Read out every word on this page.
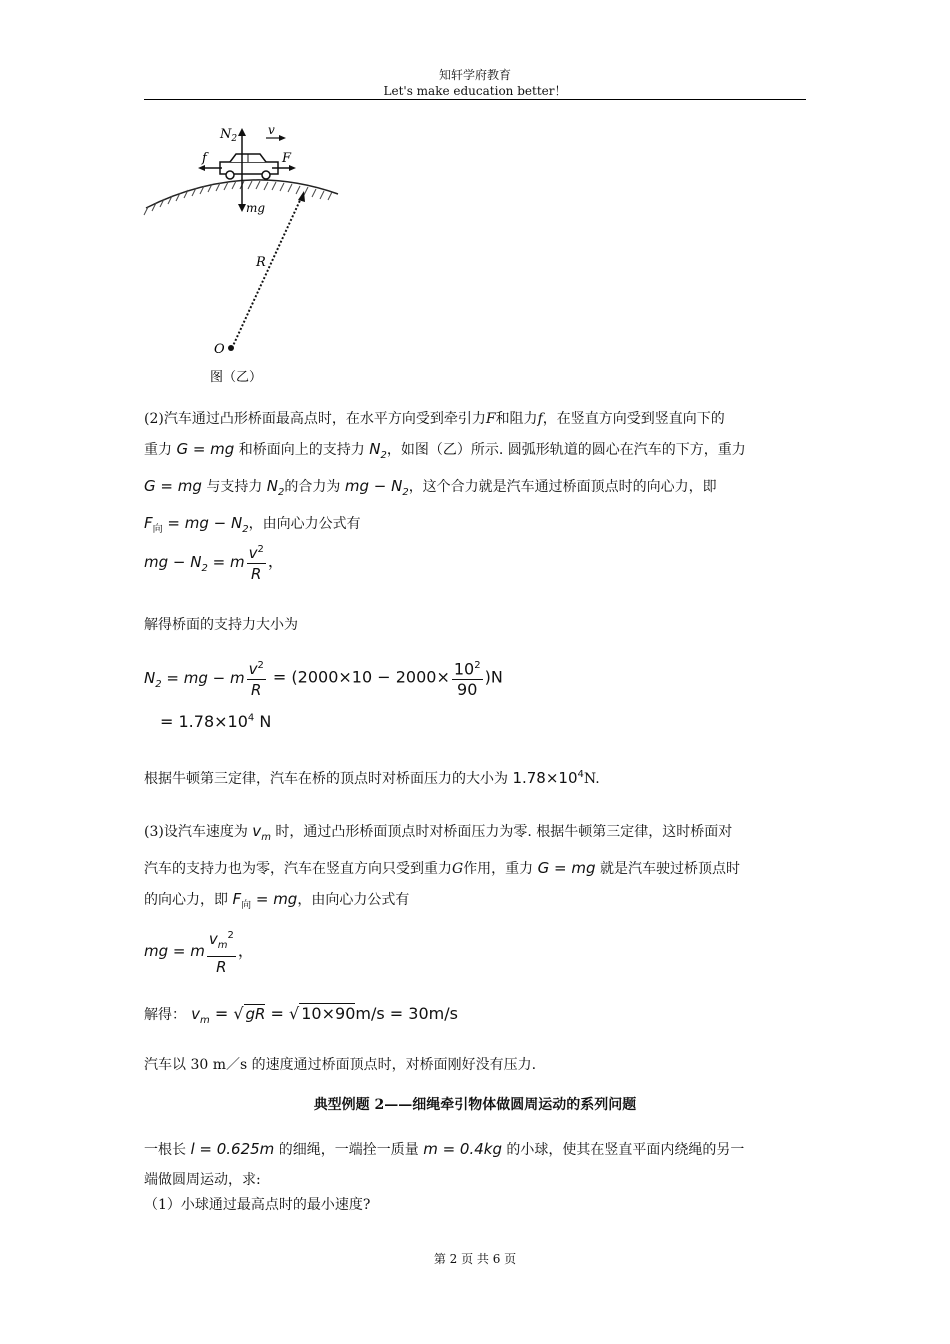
知轩学府教育
Let's make education better！
$N_2$
v
f	F
mg
R
O
图（乙）
(2)汽车通过凸形桥面最高点时，在水平方向受到牵引力F和阻力f，在竖直方向受到竖直向下的
重力 G = mg 和桥面向上的支持力 $N_2$，如图（乙）所示. 圆弧形轨道的圆心在汽车的下方，重力
G = mg 与支持力 $N_2$的合力为 mg − $N_2$，这个合力就是汽车通过桥面顶点时的向心力，即
$F_向$ = mg − $N_2$，由向心力公式有
mg − $N_2 = m \frac{v^2}{R}$ ，
解得桥面的支持力大小为
$N_2$ = mg − m $\frac{v^2}{R} = (2000\times 10 - 2000\times \frac{10^2}{90} )N$
= $1.78\times 10^4$ N
根据牛顿第三定律，汽车在桥的顶点时对桥面压力的大小为 $1.78\times 10^4N$.
(3)设汽车速度为 $v_m$ 时，通过凸形桥面顶点时对桥面压力为零. 根据牛顿第三定律，这时桥面对
汽车的支持力也为零，汽车在竖直方向只受到重力G作用，重力 G = mg 就是汽车驶过桥顶点时
的向心力，即 $F_向$ = mg，由向心力公式有
mg = m $\frac{v_m^2}{R}$ ，
解得： $v_m$ = √ gR = √ 10×90m/s = 30m/s
汽车以 30 m／s 的速度通过桥面顶点时，对桥面刚好没有压力.
典型例题 2——细绳牵引物体做圆周运动的系列问题
一根长 l = 0.625m 的细绳，一端拴一质量 m = 0.4kg 的小球，使其在竖直平面内绕绳的另一
端做圆周运动，求:
（1）小球通过最高点时的最小速度?
第 2 页 共 6 页
